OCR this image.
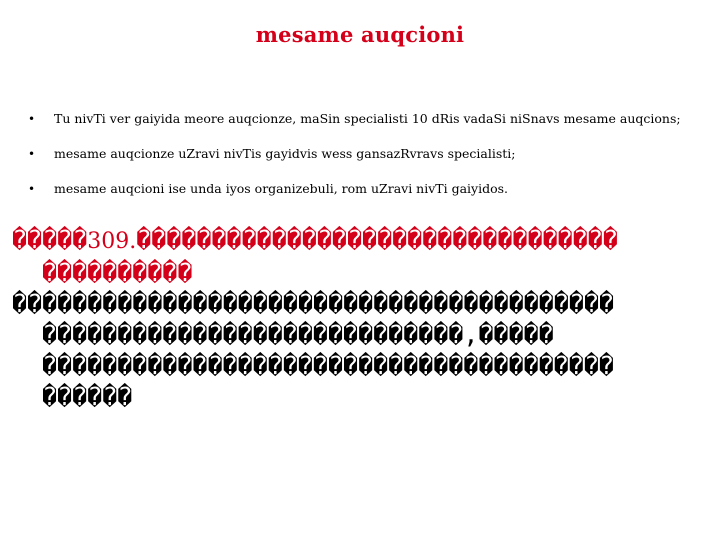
mesame auqcioni
• Tu nivTi ver gaiyida meore auqcionze, maSin specialisti 10 dRis vadaSi niSnavs mesame auqcions;
• mesame auqcionze uZravi nivTis gayidvis wess gansazRvravs specialisti;
• mesame auqcioni ise unda iyos organizebuli, rom uZravi nivTi gaiyidos.
�����309.��������������������������������
����������
����������������������������������������
����������������������������,�����
��������������������������������������
������
